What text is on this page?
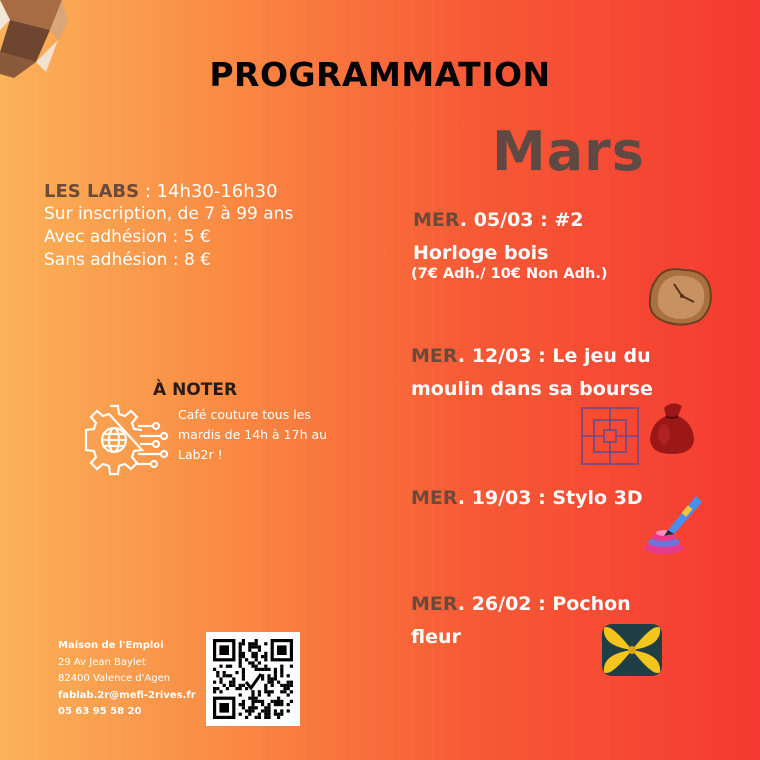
PROGRAMMATION
Mars
LES LABS : 14h30-16h30
Sur inscription, de 7 à 99 ans
Avec adhésion : 5 €
Sans adhésion : 8 €
À NOTER
Café couture tous les mardis de 14h à 17h au Lab2r !
MER. 05/03 : #2
Horloge bois
(7€ Adh./ 10€ Non Adh.)
MER. 12/03 : Le jeu du
moulin dans sa bourse
MER. 19/03 : Stylo 3D
MER. 26/02 : Pochon
fleur
Maison de l'Emploi
29 Av Jean Baylet
82400 Valence d'Agen
fablab.2r@mefi-2rives.fr
05 63 95 58 20
